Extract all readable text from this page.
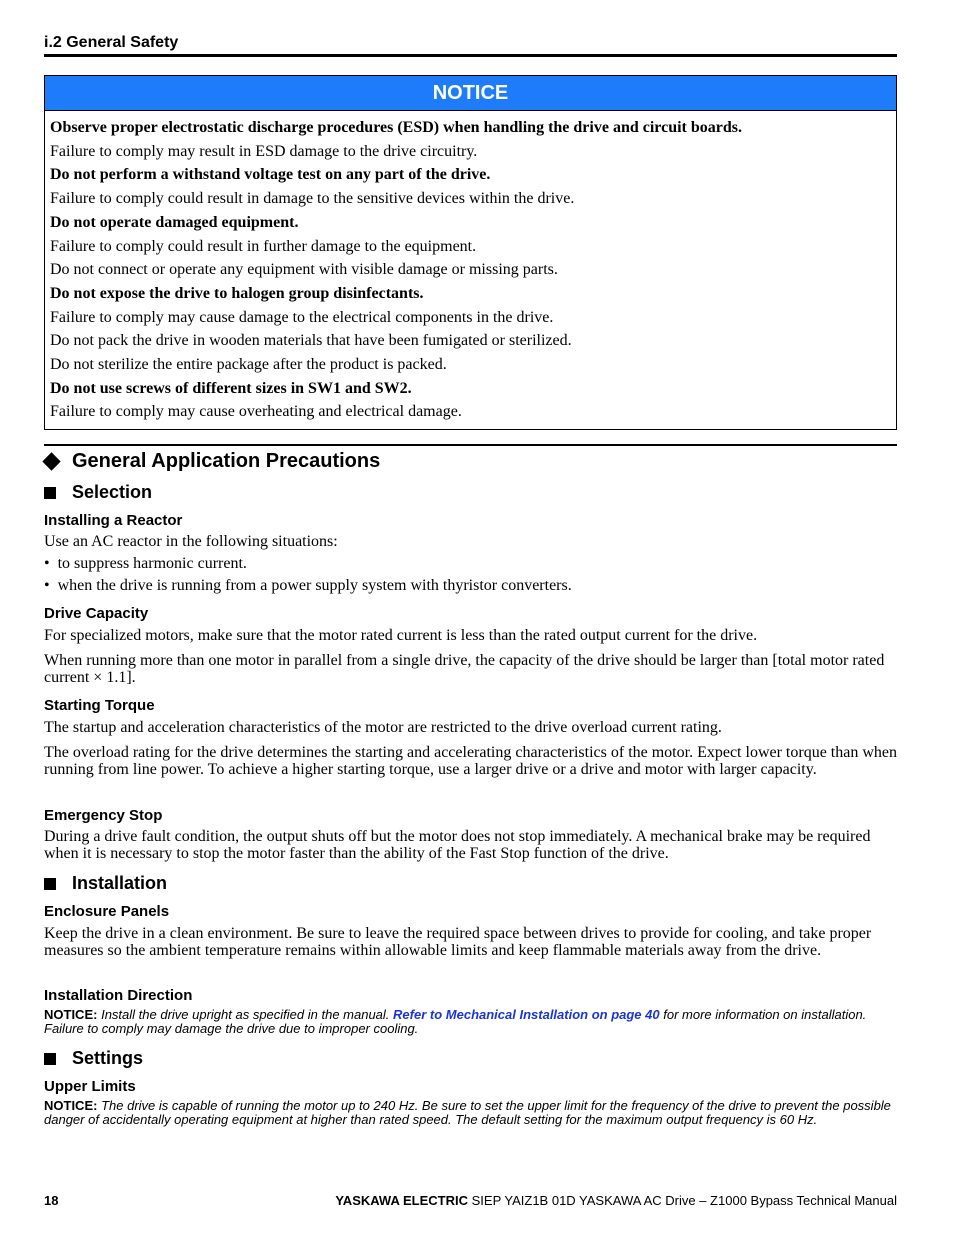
i.2 General Safety
NOTICE
Observe proper electrostatic discharge procedures (ESD) when handling the drive and circuit boards.
Failure to comply may result in ESD damage to the drive circuitry.
Do not perform a withstand voltage test on any part of the drive.
Failure to comply could result in damage to the sensitive devices within the drive.
Do not operate damaged equipment.
Failure to comply could result in further damage to the equipment.
Do not connect or operate any equipment with visible damage or missing parts.
Do not expose the drive to halogen group disinfectants.
Failure to comply may cause damage to the electrical components in the drive.
Do not pack the drive in wooden materials that have been fumigated or sterilized.
Do not sterilize the entire package after the product is packed.
Do not use screws of different sizes in SW1 and SW2.
Failure to comply may cause overheating and electrical damage.
General Application Precautions
Selection
Installing a Reactor
Use an AC reactor in the following situations:
•  to suppress harmonic current.
•  when the drive is running from a power supply system with thyristor converters.
Drive Capacity
For specialized motors, make sure that the motor rated current is less than the rated output current for the drive.
When running more than one motor in parallel from a single drive, the capacity of the drive should be larger than [total motor rated current × 1.1].
Starting Torque
The startup and acceleration characteristics of the motor are restricted to the drive overload current rating.
The overload rating for the drive determines the starting and accelerating characteristics of the motor. Expect lower torque than when running from line power. To achieve a higher starting torque, use a larger drive or a drive and motor with larger capacity.
Emergency Stop
During a drive fault condition, the output shuts off but the motor does not stop immediately. A mechanical brake may be required when it is necessary to stop the motor faster than the ability of the Fast Stop function of the drive.
Installation
Enclosure Panels
Keep the drive in a clean environment. Be sure to leave the required space between drives to provide for cooling, and take proper measures so the ambient temperature remains within allowable limits and keep flammable materials away from the drive.
Installation Direction
NOTICE: Install the drive upright as specified in the manual. Refer to Mechanical Installation on page 40 for more information on installation. Failure to comply may damage the drive due to improper cooling.
Settings
Upper Limits
NOTICE: The drive is capable of running the motor up to 240 Hz. Be sure to set the upper limit for the frequency of the drive to prevent the possible danger of accidentally operating equipment at higher than rated speed. The default setting for the maximum output frequency is 60 Hz.
18	YASKAWA ELECTRIC SIEP YAIZ1B 01D YASKAWA AC Drive – Z1000 Bypass Technical Manual
